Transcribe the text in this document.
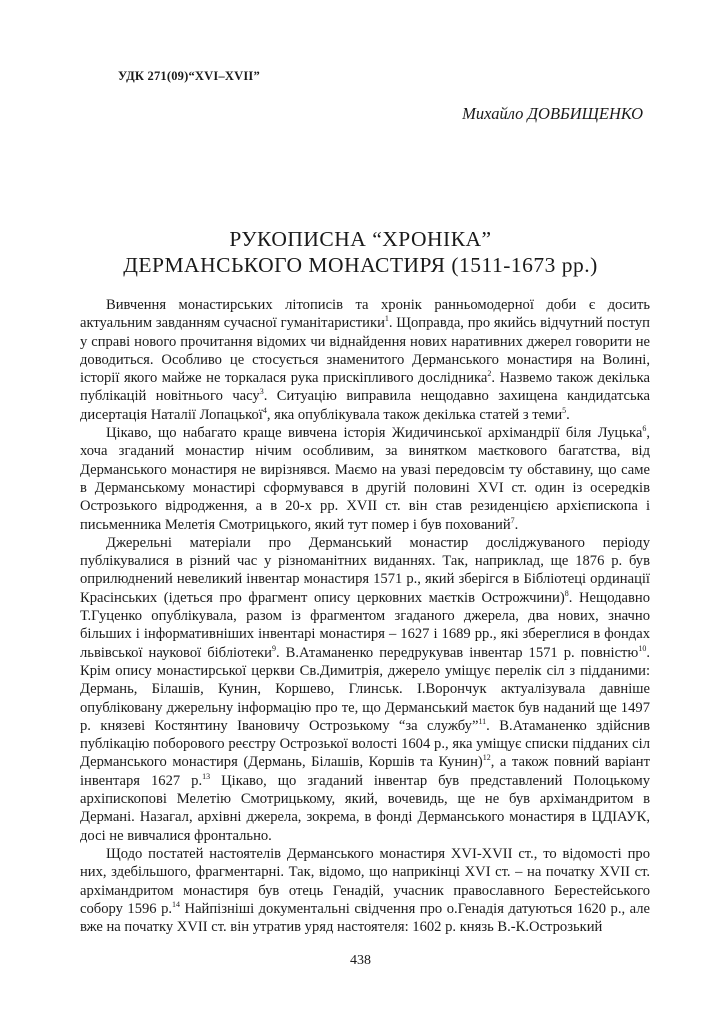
УДК 271(09)“XVI–XVII”
Михайло ДОВБИЩЕНКО
РУКОПИСНА “ХРОНІКА”
ДЕРМАНСЬКОГО МОНАСТИРЯ (1511-1673 рр.)

Вивчення монастирських літописів та хронік ранньомодерної доби є досить актуальним завданням сучасної гуманітаристики$^1$. Щоправда, про якийсь відчутний поступ у справі нового прочитання відомих чи віднайдення нових наративних джерел говорити не доводиться. Особливо це стосується знаменитого Дерманського монастиря на Волині, історії якого майже не торкалася рука прискіпливого дослідника$^2$. Назвемо також декілька публікацій новітнього часу$^3$. Ситуацію виправила нещодавно захищена кандидатська дисертація Наталії Лопацької$^4$, яка опублікувала також декілька статей з теми$^5$.

Цікаво, що набагато краще вивчена історія Жидичинської архімандрії біля Луцька$^6$, хоча згаданий монастир нічим особливим, за винятком маєткового багатства, від Дерманського монастиря не вирізнявся. Маємо на увазі передовсім ту обставину, що саме в Дерманському монастирі сформувався в другій половині XVI ст. один із осередків Острозького відродження, а в 20-х рр. XVII ст. він став резиденцією архієпископа і письменника Мелетія Смотрицького, який тут помер і був похований$^7$.

Джерельні матеріали про Дерманський монастир досліджуваного періоду публікувалися в різний час у різноманітних виданнях. Так, наприклад, ще 1876 р. був оприлюднений невеликий інвентар монастиря 1571 р., який зберігся в Бібліотеці ординації Красінських (ідеться про фрагмент опису церковних маєтків Острожчини)$^8$. Нещодавно Т.Гуценко опублікувала, разом із фрагментом згаданого джерела, два нових, значно більших і інформативніших інвентарі монастиря – 1627 і 1689 рр., які збереглися в фондах львівської наукової бібліотеки$^9$. В.Атаманенко передрукував інвентар 1571 р. повністю$^{10}$. Крім опису монастирської церкви Св.Димитрія, джерело уміщує перелік сіл з підданими: Дермань, Білашів, Кунин, Коршево, Глинськ. І.Ворончук актуалізувала давніше опубліковану джерельну інформацію про те, що Дерманський маєток був наданий ще 1497 р. князеві Костянтину Івановичу Острозькому “за службу”$^{11}$. В.Атаманенко здійснив публікацію поборового реєстру Острозької волості 1604 р., яка уміщує списки підданих сіл Дерманського монастиря (Дермань, Білашів, Коршів та Кунин)$^{12}$, а також повний варіант інвентаря 1627 р.$^{13}$ Цікаво, що згаданий інвентар був представлений Полоцькому архіпископові Мелетію Смотрицькому, який, вочевидь, ще не був архімандритом в Дермані. Назагал, архівні джерела, зокрема, в фонді Дерманського монастиря в ЦДІАУК, досі не вивчалися фронтально.

Щодо постатей настоятелів Дерманського монастиря XVI-XVII ст., то відомості про них, здебільшого, фрагментарні. Так, відомо, що наприкінці XVI ст. – на початку XVII ст. архімандритом монастиря був отець Генадій, учасник православного Берестейського собору 1596 р.$^{14}$ Найпізніші документальні свідчення про о.Генадія датуються 1620 р., але вже на початку XVII ст. він утратив уряд настоятеля: 1602 р. князь В.-К.Острозький

438
